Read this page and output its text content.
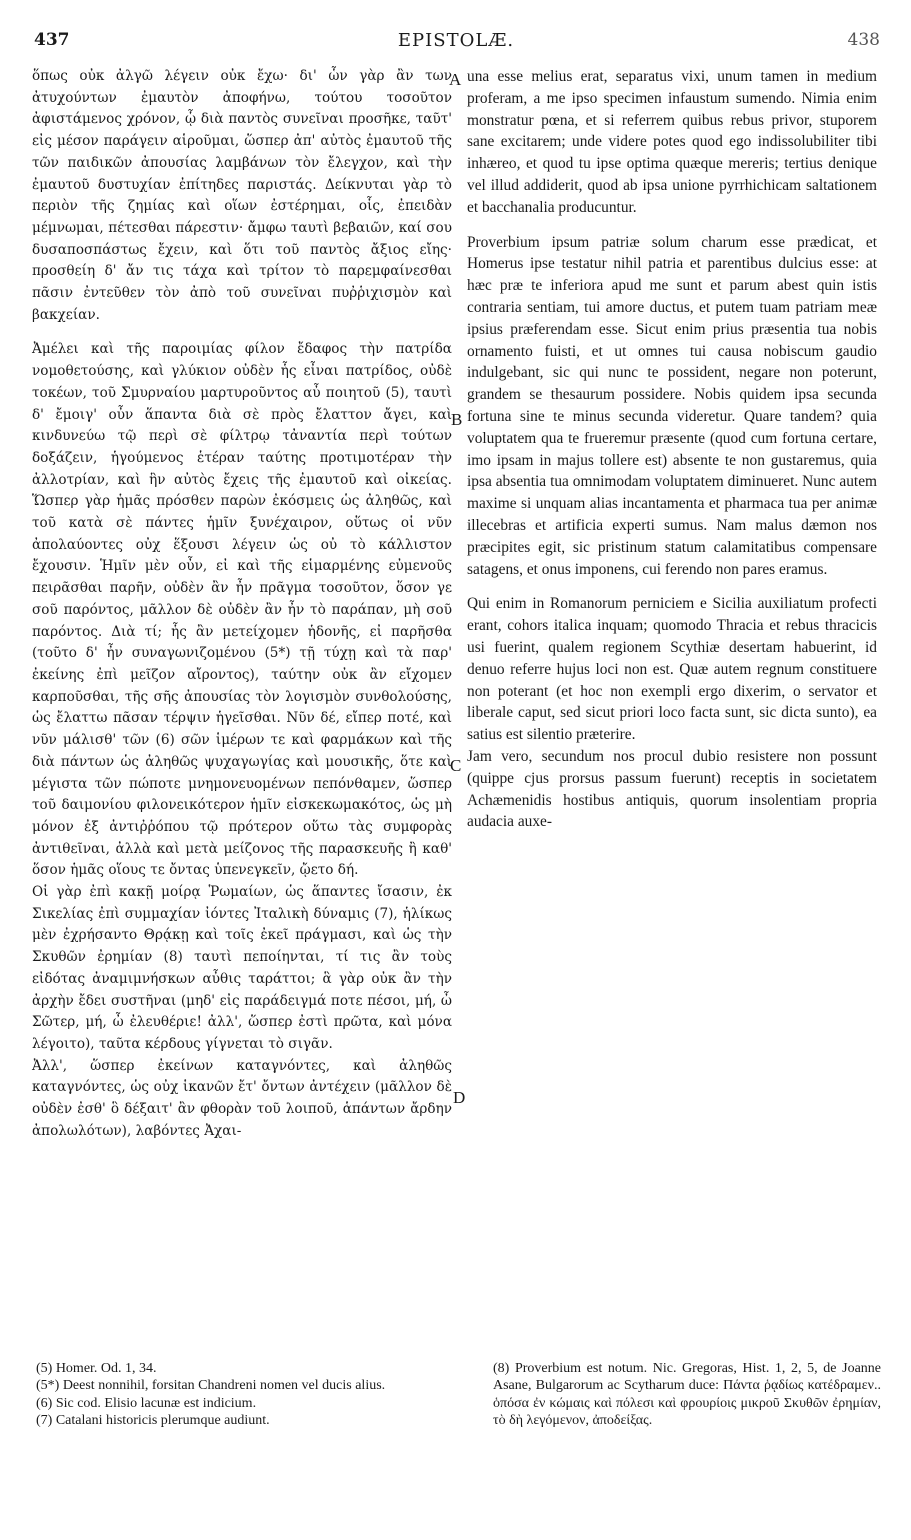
437	EPISTOLÆ.	438

ὅπως οὐκ ἀλγῶ λέγειν οὐκ ἔχω· δι' ὧν γὰρ ἂν των ἀτυχούντων ἐμαυτὸν ἀποφήνω, τούτου τοσοῦτον ἀφιστάμενος χρόνον, ᾧ διὰ παντὸς συνεῖναι προσῆκε, ταῦτ' εἰς μέσον παράγειν αἱροῦμαι, ὥσπερ ἀπ' αὐτὸς ἐμαυτοῦ τῆς τῶν παιδικῶν ἀπουσίας λαμβάνων τὸν ἔλεγχον, καὶ τὴν ἐμαυτοῦ δυστυχίαν ἐπίτηδες παριστάς. Δείκνυται γὰρ τὸ περιὸν τῆς ζημίας καὶ οἵων ἐστέρημαι, οἷς, ἐπειδὰν μέμνωμαι, πέτεσθαι πάρεστιν· ἄμφω ταυτὶ βεβαιῶν, καί σου δυσαποσπάστως ἔχειν, καὶ ὅτι τοῦ παντὸς ἄξιος εἴης· προσθείη δ' ἄν τις τάχα καὶ τρίτον τὸ παρεμφαίνεσθαι πᾶσιν ἐντεῦθεν τὸν ἀπὸ τοῦ συνεῖναι πυῤῥιχισμὸν καὶ βακχείαν.

Ἀμέλει καὶ τῆς παροιμίας φίλον ἔδαφος τὴν πατρίδα νομοθετούσης, καὶ γλύκιον οὐδὲν ἧς εἶναι πατρίδος, οὐδὲ τοκέων, τοῦ Σμυρναίου μαρτυροῦντος αὖ ποιητοῦ (5), ταυτὶ δ' ἔμοιγ' οὖν ἅπαντα διὰ σὲ πρὸς ἔλαττον ἄγει, καὶ κινδυνεύω τῷ περὶ σὲ φίλτρῳ τἀναντία περὶ τούτων δοξάζειν, ἡγούμενος ἑτέραν ταύτης προτιμοτέραν τὴν ἀλλοτρίαν, καὶ ἣν αὐτὸς ἔχεις τῆς ἐμαυτοῦ καὶ οἰκείας. Ὥσπερ γὰρ ἡμᾶς πρόσθεν παρὼν ἐκόσμεις ὡς ἀληθῶς, καὶ τοῦ κατὰ σὲ πάντες ἡμῖν ξυνέχαιρον, οὕτως οἱ νῦν ἀπολαύοντες οὐχ ἕξουσι λέγειν ὡς οὐ τὸ κάλλιστον ἔχουσιν. Ἡμῖν μὲν οὖν, εἰ καὶ τῆς εἱμαρμένης εὐμενοῦς πειρᾶσθαι παρῆν, οὐδὲν ἂν ἦν πρᾶγμα τοσοῦτον, ὅσον γε σοῦ παρόντος, μᾶλλον δὲ οὐδὲν ἂν ἦν τὸ παράπαν, μὴ σοῦ παρόντος. Διὰ τί; ἧς ἂν μετείχομεν ἡδονῆς, εἰ παρῆσθα (τοῦτο δ' ἦν συναγωνιζομένου (5*) τῇ τύχῃ καὶ τὰ παρ' ἐκείνης ἐπὶ μεῖζον αἴροντος), ταύτην οὐκ ἂν εἴχομεν καρποῦσθαι, τῆς σῆς ἀπουσίας τὸν λογισμὸν συνθολούσης, ὡς ἔλαττω πᾶσαν τέρψιν ἡγεῖσθαι. Νῦν δέ, εἴπερ ποτέ, καὶ νῦν μάλισθ' τῶν (6) σῶν ἱμέρων τε καὶ φαρμάκων καὶ τῆς διὰ πάντων ὡς ἀληθῶς ψυχαγωγίας καὶ μουσικῆς, ὅτε καὶ μέγιστα τῶν πώποτε μνημονευομένων πεπόνθαμεν, ὥσπερ τοῦ δαιμονίου φιλονεικότερον ἡμῖν εἰσκεκωμακότος, ὡς μὴ μόνον ἐξ ἀντιῤῥόπου τῷ πρότερον οὕτω τὰς συμφορὰς ἀντιθεῖναι, ἀλλὰ καὶ μετὰ μείζονος τῆς παρασκευῆς ἢ καθ' ὅσον ἡμᾶς οἵους τε ὄντας ὑπενεγκεῖν, ᾤετο δή.

Οἱ γὰρ ἐπὶ κακῇ μοίρᾳ Ῥωμαίων, ὡς ἅπαντες ἴσασιν, ἐκ Σικελίας ἐπὶ συμμαχίαν ἰόντες Ἰταλικὴ δύναμις (7), ἡλίκως μὲν ἐχρήσαντο Θρᾴκῃ καὶ τοῖς ἐκεῖ πράγμασι, καὶ ὡς τὴν Σκυθῶν ἐρημίαν (8) ταυτὶ πεποίηνται, τί τις ἂν τοὺς εἰδότας ἀναμιμνήσκων αὖθις ταράττοι; ἃ γὰρ οὐκ ἂν τὴν ἀρχὴν ἔδει συστῆναι (μηδ' εἰς παράδειγμά ποτε πέσοι, μή, ὦ Σῶτερ, μή, ὦ ἐλευθέριε! ἀλλ', ὥσπερ ἐστὶ πρῶτα, καὶ μόνα λέγοιτο), ταῦτα κέρδους γίγνεται τὸ σιγᾶν.

Ἀλλ', ὥσπερ ἐκείνων καταγνόντες, καὶ ἀληθῶς καταγνόντες, ὡς οὐχ ἱκανῶν ἔτ' ὄντων ἀντέχειν (μᾶλλον δὲ οὐδὲν ἐσθ' ὃ δέξαιτ' ἂν φθορὰν τοῦ λοιποῦ, ἁπάντων ἄρδην ἀπολωλότων), λαβόντες Ἀχαι-

A
B
C
D

una esse melius erat, separatus vixi, unum tamen in medium proferam, a me ipso specimen infaustum sumendo. Nimia enim monstratur pœna, et si referrem quibus rebus privor, stuporem sane excitarem; unde videre potes quod ego indissolubiliter tibi inhæreo, et quod tu ipse optima quæque mereris; tertius denique vel illud addiderit, quod ab ipsa unione pyrrhichicam saltationem et bacchanalia producuntur.

Proverbium ipsum patriæ solum charum esse prædicat, et Homerus ipse testatur nihil patria et parentibus dulcius esse: at hæc præ te inferiora apud me sunt et parum abest quin istis contraria sentiam, tui amore ductus, et putem tuam patriam meæ ipsius præferendam esse. Sicut enim prius præsentia tua nobis ornamento fuisti, et ut omnes tui causa nobiscum gaudio indulgebant, sic qui nunc te possident, negare non poterunt, grandem se thesaurum possidere. Nobis quidem ipsa secunda fortuna sine te minus secunda videretur. Quare tandem? quia voluptatem qua te frueremur præsente (quod cum fortuna certare, imo ipsam in majus tollere est) absente te non gustaremus, quia ipsa absentia tua omnimodam voluptatem diminueret. Nunc autem maxime si unquam alias incantamenta et pharmaca tua per animæ illecebras et artificia experti sumus. Nam malus dæmon nos præcipites egit, sic pristinum statum calamitatibus compensare satagens, et onus imponens, cui ferendo non pares eramus.

Qui enim in Romanorum perniciem e Sicilia auxiliatum profecti erant, cohors italica inquam; quomodo Thracia et rebus thracicis usi fuerint, qualem regionem Scythiæ desertam habuerint, id denuo referre hujus loci non est. Quæ autem regnum constituere non poterant (et hoc non exempli ergo dixerim, o servator et liberale caput, sed sicut priori loco facta sunt, sic dicta sunto), ea satius est silentio præterire.

Jam vero, secundum nos procul dubio resistere non possunt (quippe cjus prorsus passum fuerunt) receptis in societatem Achæmenidis hostibus antiquis, quorum insolentiam propria audacia auxe-

(5) Homer. Od. 1, 34.

(5*) Deest nonnihil, forsitan Chandreni nomen vel ducis alius.

(6) Sic cod. Elisio lacunæ est indicium.

(7) Catalani historicis plerumque audiunt.

(8) Proverbium est notum. Nic. Gregoras, Hist. 1, 2, 5, de Joanne Asane, Bulgarorum ac Scytharum duce: Πάντα ῥᾳδίως κατέδραμεν.. ὁπόσα ἐν κώμαις καὶ πόλεσι καὶ φρουρίοις μικροῦ Σκυθῶν ἐρημίαν, τὸ δὴ λεγόμενον, ἀποδείξας.
